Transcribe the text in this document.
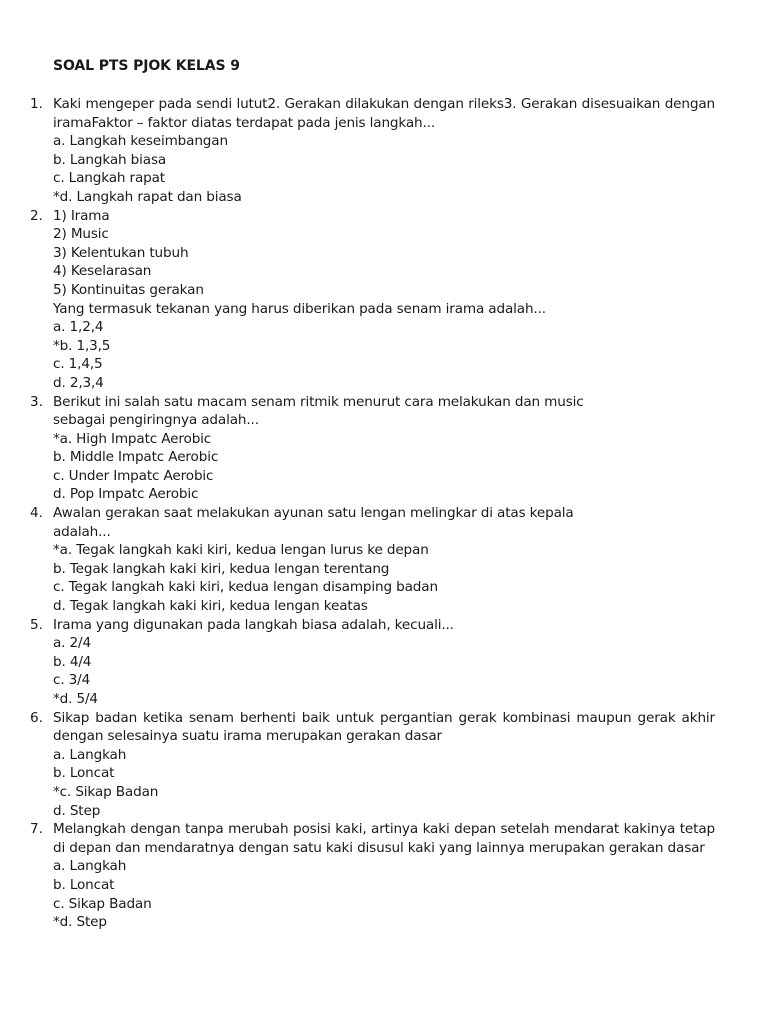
SOAL PTS PJOK KELAS 9
1. Kaki mengeper pada sendi lutut2. Gerakan dilakukan dengan rileks3. Gerakan disesuaikan dengan
iramaFaktor – faktor diatas terdapat pada jenis langkah...
a. Langkah keseimbangan
b. Langkah biasa
c. Langkah rapat
*d. Langkah rapat dan biasa
2. 1) Irama
2) Music
3) Kelentukan tubuh
4) Keselarasan
5) Kontinuitas gerakan
Yang termasuk tekanan yang harus diberikan pada senam irama adalah...
a. 1,2,4
*b. 1,3,5
c. 1,4,5
d. 2,3,4
3. Berikut ini salah satu macam senam ritmik menurut cara melakukan dan music
sebagai pengiringnya adalah...
*a. High Impatc Aerobic
b. Middle Impatc Aerobic
c. Under Impatc Aerobic
d. Pop Impatc Aerobic
4. Awalan gerakan saat melakukan ayunan satu lengan melingkar di atas kepala
adalah...
*a. Tegak langkah kaki kiri, kedua lengan lurus ke depan
b. Tegak langkah kaki kiri, kedua lengan terentang
c. Tegak langkah kaki kiri, kedua lengan disamping badan
d. Tegak langkah kaki kiri, kedua lengan keatas
5. Irama yang digunakan pada langkah biasa adalah, kecuali...
a. 2/4
b. 4/4
c. 3/4
*d. 5/4
6. Sikap badan ketika senam berhenti baik untuk pergantian gerak kombinasi maupun gerak akhir
dengan selesainya suatu irama merupakan gerakan dasar
a. Langkah
b. Loncat
*c. Sikap Badan
d. Step
7. Melangkah dengan tanpa merubah posisi kaki, artinya kaki depan setelah mendarat kakinya tetap
di depan dan mendaratnya dengan satu kaki disusul kaki yang lainnya merupakan gerakan dasar
a. Langkah
b. Loncat
c. Sikap Badan
*d. Step
